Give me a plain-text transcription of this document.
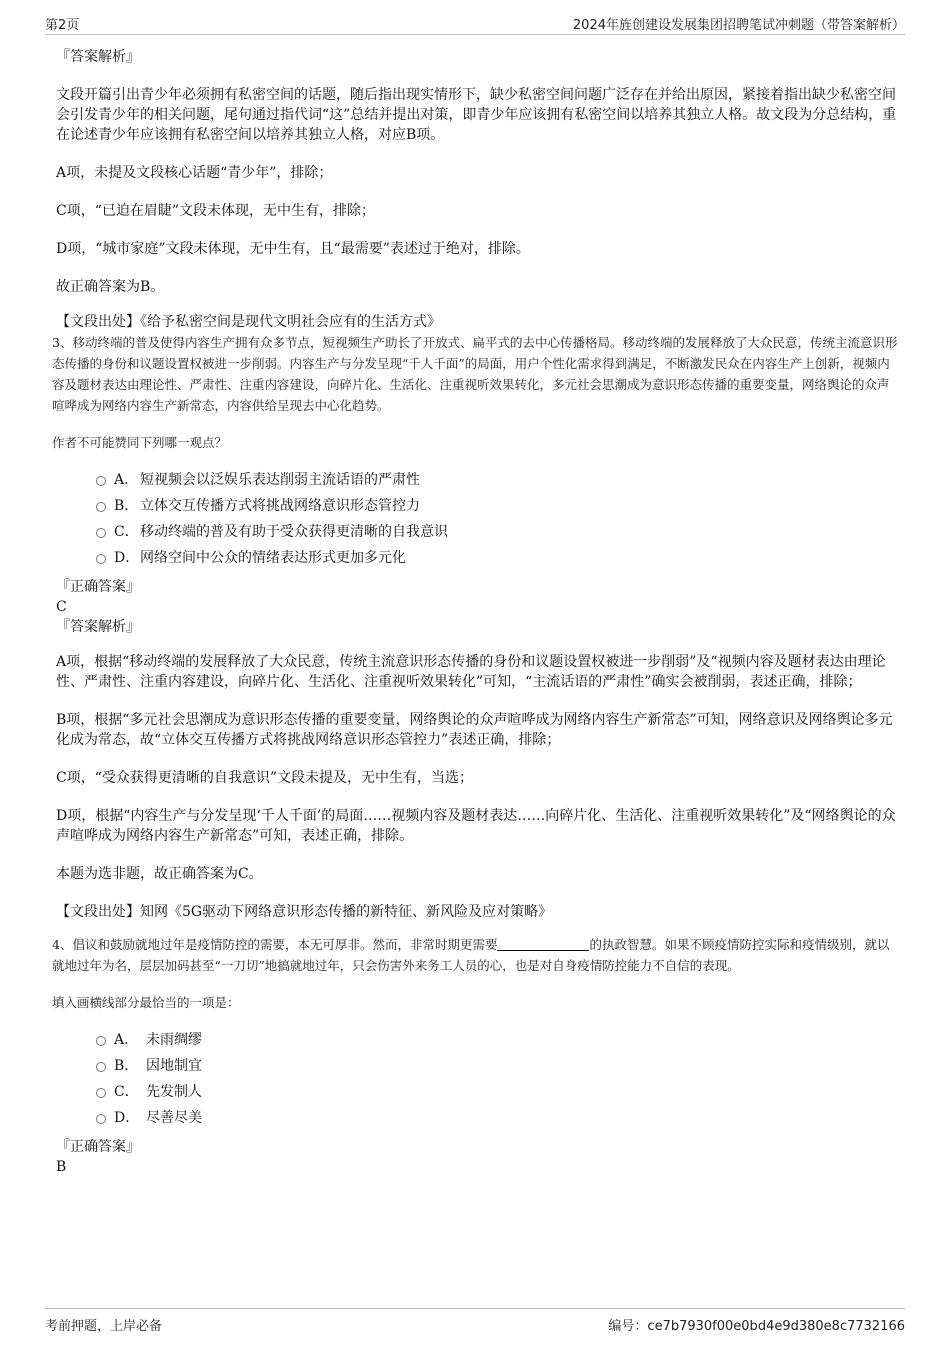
第2页	2024年旌创建设发展集团招聘笔试冲刺题（带答案解析）

『答案解析』

文段开篇引出青少年必须拥有私密空间的话题，随后指出现实情形下，缺少私密空间问题广泛存在并给出原因，紧接着指出缺少私密空间会引发青少年的相关问题，尾句通过指代词“这”总结并提出对策，即青少年应该拥有私密空间以培养其独立人格。故文段为分总结构，重在论述青少年应该拥有私密空间以培养其独立人格，对应B项。

A项，未提及文段核心话题“青少年”，排除；

C项，“已迫在眉睫”文段未体现，无中生有，排除；

D项，“城市家庭”文段未体现，无中生有，且“最需要”表述过于绝对，排除。

故正确答案为B。

【文段出处】《给予私密空间是现代文明社会应有的生活方式》

3、移动终端的普及使得内容生产拥有众多节点，短视频生产助长了开放式、扁平式的去中心传播格局。移动终端的发展释放了大众民意，传统主流意识形态传播的身份和议题设置权被进一步削弱。内容生产与分发呈现“千人千面”的局面，用户个性化需求得到满足，不断激发民众在内容生产上创新，视频内容及题材表达由理论性、严肃性、注重内容建设，向碎片化、生活化、注重视听效果转化，多元社会思潮成为意识形态传播的重要变量，网络舆论的众声喧哗成为网络内容生产新常态，内容供给呈现去中心化趋势。

作者不可能赞同下列哪一观点？

A． 短视频会以泛娱乐表达削弱主流话语的严肃性
B． 立体交互传播方式将挑战网络意识形态管控力
C．移动终端的普及有助于受众获得更清晰的自我意识
D．网络空间中公众的情绪表达形式更加多元化

『正确答案』

C

『答案解析』

A项，根据“移动终端的发展释放了大众民意，传统主流意识形态传播的身份和议题设置权被进一步削弱”及“视频内容及题材表达由理论性、严肃性、注重内容建设，向碎片化、生活化、注重视听效果转化”可知，“主流话语的严肃性”确实会被削弱，表述正确，排除；

B项，根据“多元社会思潮成为意识形态传播的重要变量，网络舆论的众声喧哗成为网络内容生产新常态”可知，网络意识及网络舆论多元化成为常态，故“立体交互传播方式将挑战网络意识形态管控力”表述正确，排除；

C项，“受众获得更清晰的自我意识”文段未提及，无中生有，当选；

D项，根据“内容生产与分发呈现‘千人千面’的局面……视频内容及题材表达……向碎片化、生活化、注重视听效果转化”及“网络舆论的众声喧哗成为网络内容生产新常态”可知，表述正确，排除。

本题为选非题，故正确答案为C。

【文段出处】知网《5G驱动下网络意识形态传播的新特征、新风险及应对策略》

4、倡议和鼓励就地过年是疫情防控的需要，本无可厚非。然而，非常时期更需要	的执政智慧。如果不顾疫情防控实际和疫情级别，就以就地过年为名，层层加码甚至“一刀切”地搞就地过年，只会伤害外来务工人员的心，也是对自身疫情防控能力不自信的表现。

填入画横线部分最恰当的一项是：

A． 未雨绸缪
B． 因地制宜
C． 先发制人
D． 尽善尽美

『正确答案』

B

考前押题，上岸必备	编号：ce7b7930f00e0bd4e9d380e8c7732166
